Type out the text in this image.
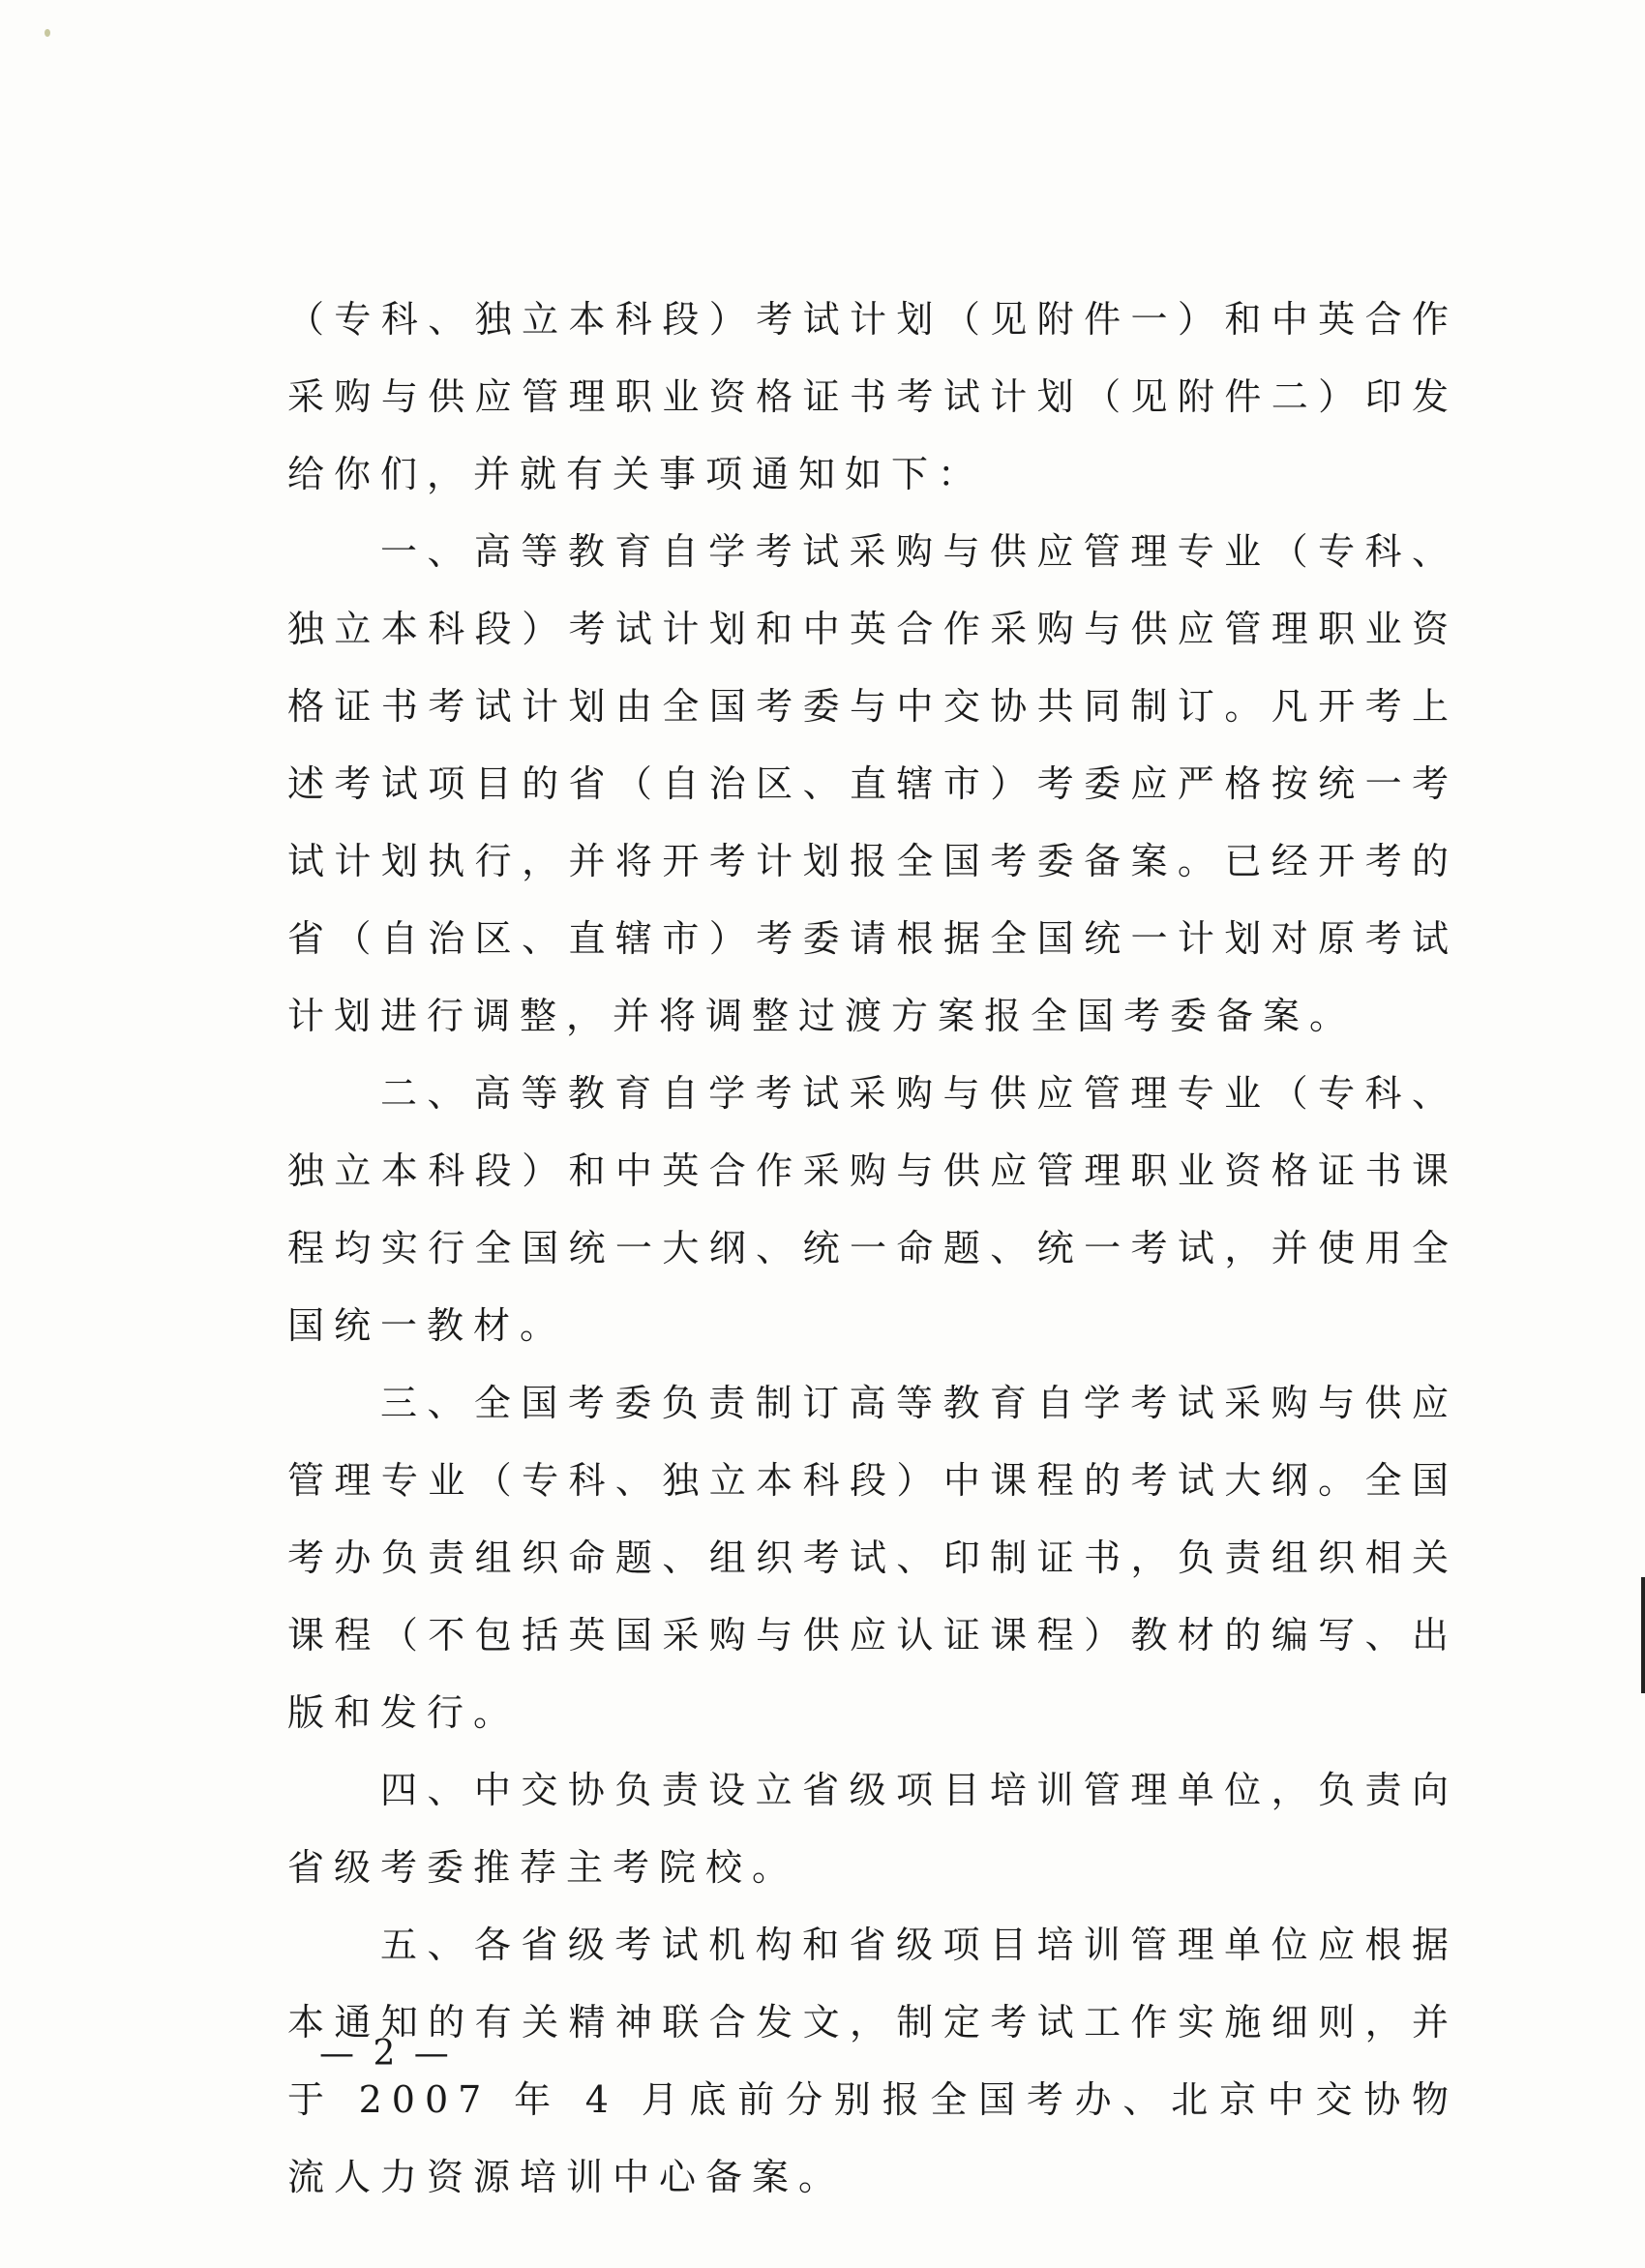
（专科、独立本科段）考试计划（见附件一）和中英合作采购与供应管理职业资格证书考试计划（见附件二）印发给你们，并就有关事项通知如下：

一、高等教育自学考试采购与供应管理专业（专科、独立本科段）考试计划和中英合作采购与供应管理职业资格证书考试计划由全国考委与中交协共同制订。凡开考上述考试项目的省（自治区、直辖市）考委应严格按统一考试计划执行，并将开考计划报全国考委备案。已经开考的省（自治区、直辖市）考委请根据全国统一计划对原考试计划进行调整，并将调整过渡方案报全国考委备案。

二、高等教育自学考试采购与供应管理专业（专科、独立本科段）和中英合作采购与供应管理职业资格证书课程均实行全国统一大纲、统一命题、统一考试，并使用全国统一教材。

三、全国考委负责制订高等教育自学考试采购与供应管理专业（专科、独立本科段）中课程的考试大纲。全国考办负责组织命题、组织考试、印制证书，负责组织相关课程（不包括英国采购与供应认证课程）教材的编写、出版和发行。

四、中交协负责设立省级项目培训管理单位，负责向省级考委推荐主考院校。

五、各省级考试机构和省级项目培训管理单位应根据本通知的有关精神联合发文，制定考试工作实施细则，并于 2007 年 4 月底前分别报全国考办、北京中交协物流人力资源培训中心备案。

— 2 —
